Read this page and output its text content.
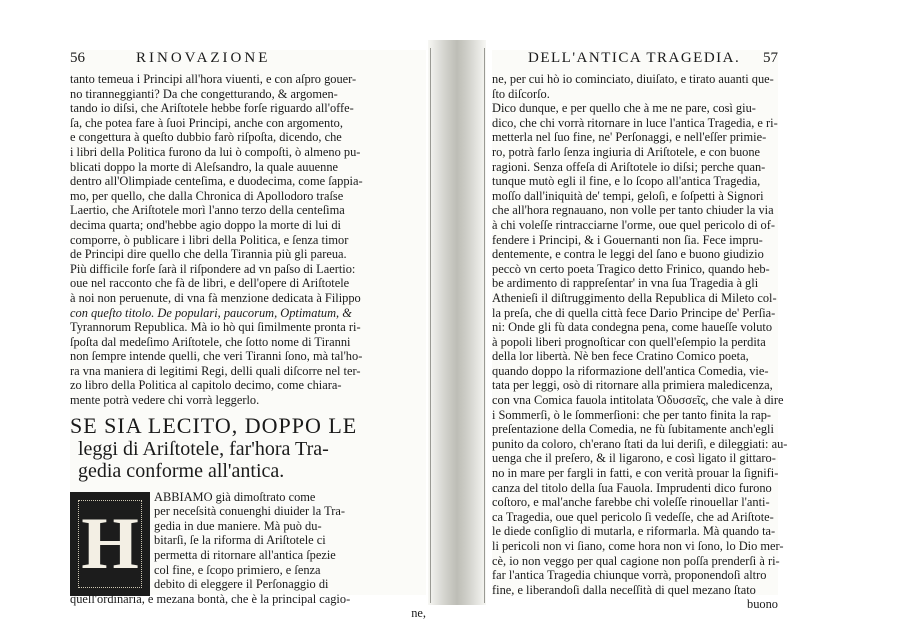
56	RINOVAZIONE
tanto temeua i Principi all'hora viuenti, e con aſpro gouer-
no tiranneggianti? Da che congetturando, & argomen-
tando io diſsi, che Ariſtotele hebbe forſe riguardo all'offe-
ſa, che potea fare à ſuoi Principi, anche con argomento,
e congettura à queſto dubbio farò riſpoſta, dicendo, che
i libri della Politica furono da lui ò compoſti, ò almeno pu-
blicati doppo la morte di Aleſsandro, la quale auuenne
dentro all'Olimpiade centeſima, e duodecima, come ſappia-
mo, per quello, che dalla Chronica di Apollodoro traſse
Laertio, che Ariſtotele morì l'anno terzo della centeſima
decima quarta; ond'hebbe agio doppo la morte di lui di
comporre, ò publicare i libri della Politica, e ſenza timor
de Principi dire quello che della Tirannia più gli pareua.
Più difficile forſe ſarà il riſpondere ad vn paſso di Laertio:
oue nel racconto che fà de libri, e dell'opere di Ariſtotele
à noi non peruenute, di vna fà menzione dedicata à Filippo
con queſto titolo. De populari, paucorum, Optimatum, &
Tyrannorum Republica. Mà io hò qui ſimilmente pronta ri-
ſpoſta dal medeſimo Ariſtotele, che ſotto nome di Tiranni
non ſempre intende quelli, che veri Tiranni ſono, mà tal'ho-
ra vna maniera di legitimi Regi, delli quali diſcorre nel ter-
zo libro della Politica al capitolo decimo, come chiara-
mente potrà vedere chi vorrà leggerlo.
SE SIA LECITO, DOPPO LE
leggi di Ariſtotele, far'hora Tra-
gedia conforme all'antica.
H
ABBIAMO già dimoſtrato come
per neceſsità conuenghi diuider la Tra-
gedia in due maniere. Mà può du-
bitarſi, ſe la riforma di Ariſtotele ci
permetta di ritornare all'antica ſpezie
col fine, e ſcopo primiero, e ſenza
debito di eleggere il Perſonaggio di
quell'ordinaria, e mezana bontà, che è la principal cagio-
ne,
DELL'ANTICA TRAGEDIA. 57
ne, per cui hò io cominciato, diuiſato, e tirato auanti que-
ſto diſcorſo.
Dico dunque, e per quello che à me ne pare, così giu-
dico, che chi vorrà ritornare in luce l'antica Tragedia, e ri-
metterla nel ſuo fine, ne' Perſonaggi, e nell'eſſer primie-
ro, potrà farlo ſenza ingiuria di Ariſtotele, e con buone
ragioni. Senza offeſa di Ariſtotele io diſsi; perche quan-
tunque mutò egli il fine, e lo ſcopo all'antica Tragedia,
moſſo dall'iniquità de' tempi, geloſi, e ſoſpetti à Signori
che all'hora regnauano, non volle per tanto chiuder la via
à chi voleſſe rintracciarne l'orme, oue quel pericolo di of-
fendere i Principi, & i Gouernanti non ſia. Fece impru-
dentemente, e contra le leggi del ſano e buono giudizio
peccò vn certo poeta Tragico detto Frinico, quando heb-
be ardimento di rappreſentar' in vna ſua Tragedia à gli
Athenieſi il diſtruggimento della Republica di Mileto col-
la preſa, che di quella città fece Dario Principe de' Perſia-
ni: Onde gli fù data condegna pena, come haueſſe voluto
à popoli liberi prognoſticar con quell'eſempio la perdita
della lor libertà. Nè ben fece Cratino Comico poeta,
quando doppo la riformazione dell'antica Comedia, vie-
tata per leggi, osò di ritornare alla primiera maledicenza,
con vna Comica fauola intitolata Ὀδυσσεῖς, che vale à dire
i Sommerſi, ò le ſommerſioni: che per tanto finita la rap-
preſentazione della Comedia, ne fù ſubitamente anch'egli
punito da coloro, ch'erano ſtati da lui deriſi, e dileggiati: au-
uenga che il preſero, & il ligarono, e così ligato il gittaro-
no in mare per fargli in fatti, e con verità prouar la ſignifi-
canza del titolo della ſua Fauola. Imprudenti dico furono
coſtoro, e mal'anche farebbe chi voleſſe rinouellar l'anti-
ca Tragedia, oue quel pericolo ſi vedeſſe, che ad Ariſtote-
le diede conſiglio di mutarla, e riformarla. Mà quando ta-
li pericoli non vi ſiano, come hora non vi ſono, lo Dio mer-
cè, io non veggo per qual cagione non poſſa prenderſi à ri-
far l'antica Tragedia chiunque vorrà, proponendoſi altro
fine, e liberandoſi dalla neceſſità di quel mezano ſtato
buono
